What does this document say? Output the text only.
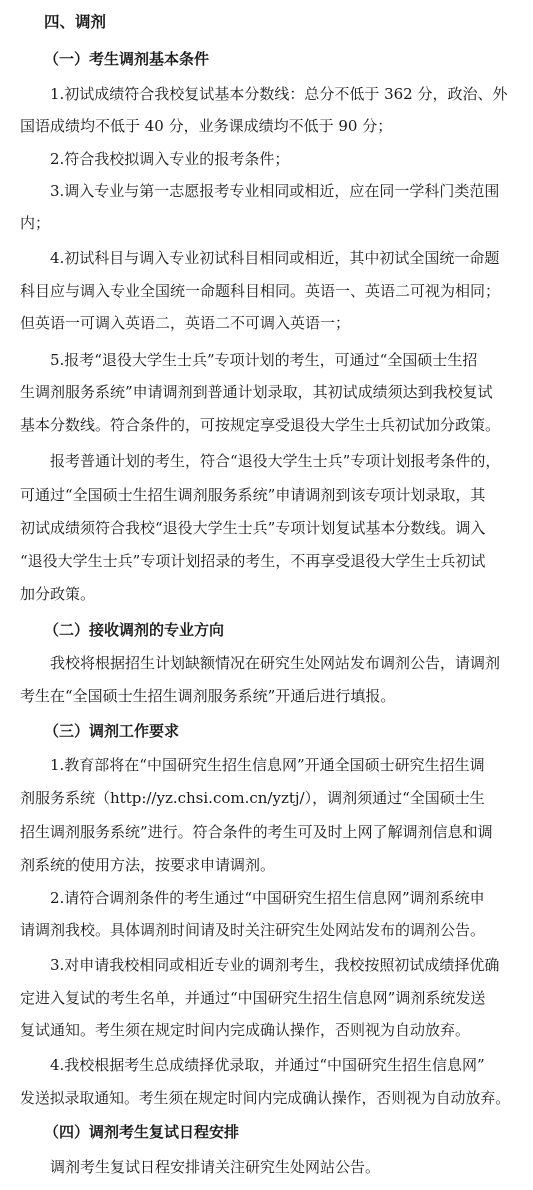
四、调剂
（一）考生调剂基本条件
1.初试成绩符合我校复试基本分数线：总分不低于 362 分，政治、外
国语成绩均不低于 40 分，业务课成绩均不低于 90 分；
2.符合我校拟调入专业的报考条件；
3.调入专业与第一志愿报考专业相同或相近，应在同一学科门类范围
内；
4.初试科目与调入专业初试科目相同或相近，其中初试全国统一命题
科目应与调入专业全国统一命题科目相同。英语一、英语二可视为相同；
但英语一可调入英语二，英语二不可调入英语一；
5.报考“退役大学生士兵”专项计划的考生，可通过“全国硕士生招
生调剂服务系统”申请调剂到普通计划录取，其初试成绩须达到我校复试
基本分数线。符合条件的，可按规定享受退役大学生士兵初试加分政策。
报考普通计划的考生，符合“退役大学生士兵”专项计划报考条件的，
可通过“全国硕士生招生调剂服务系统”申请调剂到该专项计划录取，其
初试成绩须符合我校“退役大学生士兵”专项计划复试基本分数线。调入
“退役大学生士兵”专项计划招录的考生，不再享受退役大学生士兵初试
加分政策。
（二）接收调剂的专业方向
我校将根据招生计划缺额情况在研究生处网站发布调剂公告，请调剂
考生在“全国硕士生招生调剂服务系统”开通后进行填报。
（三）调剂工作要求
1.教育部将在“中国研究生招生信息网”开通全国硕士研究生招生调
剂服务系统（http://yz.chsi.com.cn/yztj/），调剂须通过“全国硕士生
招生调剂服务系统”进行。符合条件的考生可及时上网了解调剂信息和调
剂系统的使用方法，按要求申请调剂。
2.请符合调剂条件的考生通过“中国研究生招生信息网”调剂系统申
请调剂我校。具体调剂时间请及时关注研究生处网站发布的调剂公告。
3.对申请我校相同或相近专业的调剂考生，我校按照初试成绩择优确
定进入复试的考生名单，并通过“中国研究生招生信息网”调剂系统发送
复试通知。考生须在规定时间内完成确认操作，否则视为自动放弃。
4.我校根据考生总成绩择优录取，并通过“中国研究生招生信息网”
发送拟录取通知。考生须在规定时间内完成确认操作，否则视为自动放弃。
（四）调剂考生复试日程安排
调剂考生复试日程安排请关注研究生处网站公告。
